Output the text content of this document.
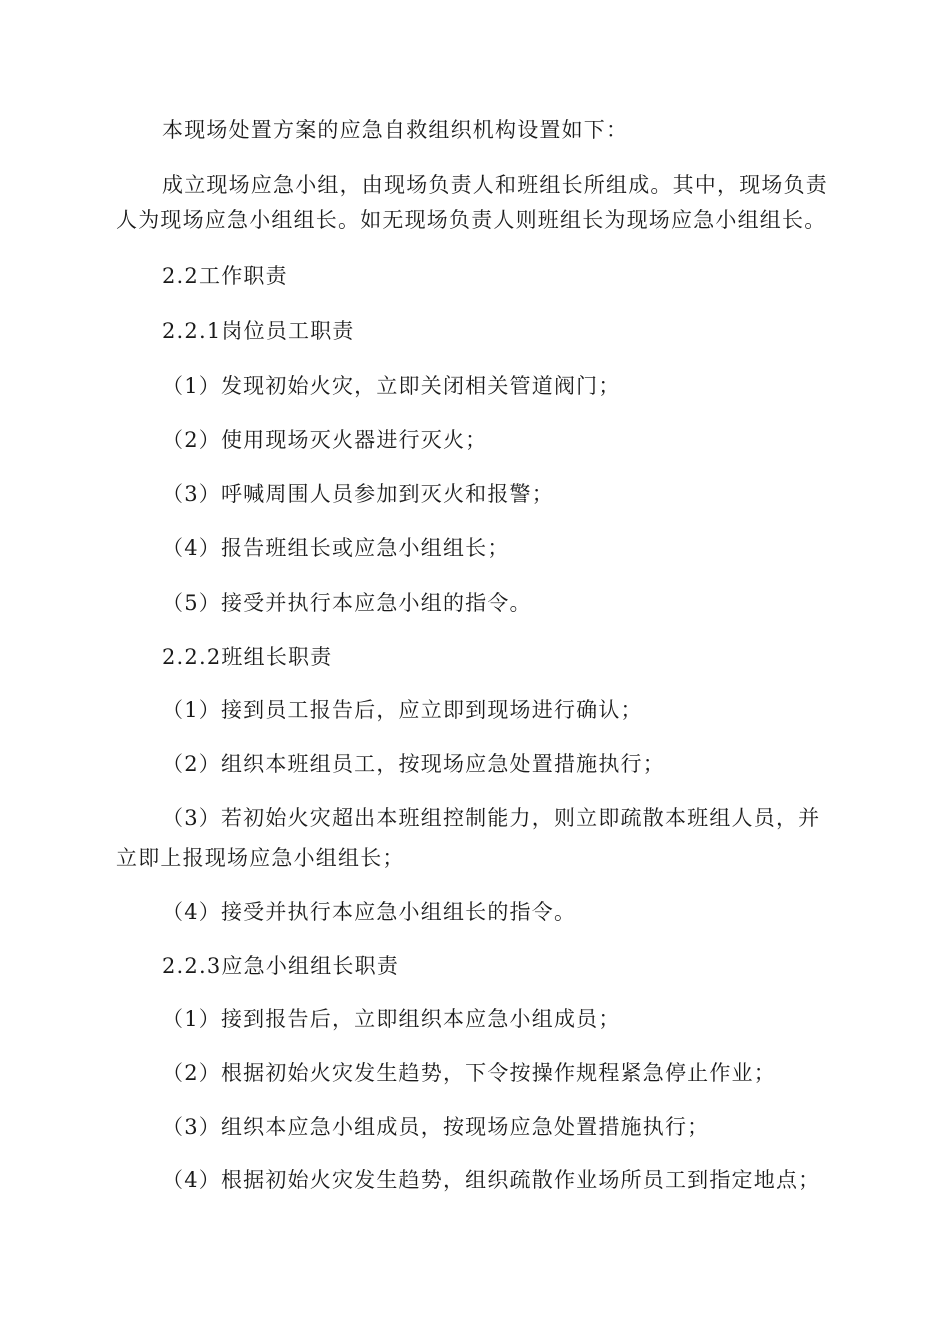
本现场处置方案的应急自救组织机构设置如下：
成立现场应急小组，由现场负责人和班组长所组成。其中，现场负责
人为现场应急小组组长。如无现场负责人则班组长为现场应急小组组长。
2.2工作职责
2.2.1岗位员工职责
（1）发现初始火灾，立即关闭相关管道阀门；
（2）使用现场灭火器进行灭火；
（3）呼喊周围人员参加到灭火和报警；
（4）报告班组长或应急小组组长；
（5）接受并执行本应急小组的指令。
2.2.2班组长职责
（1）接到员工报告后，应立即到现场进行确认；
（2）组织本班组员工，按现场应急处置措施执行；
（3）若初始火灾超出本班组控制能力，则立即疏散本班组人员，并
立即上报现场应急小组组长；
（4）接受并执行本应急小组组长的指令。
2.2.3应急小组组长职责
（1）接到报告后，立即组织本应急小组成员；
（2）根据初始火灾发生趋势，下令按操作规程紧急停止作业；
（3）组织本应急小组成员，按现场应急处置措施执行；
（4）根据初始火灾发生趋势，组织疏散作业场所员工到指定地点；
